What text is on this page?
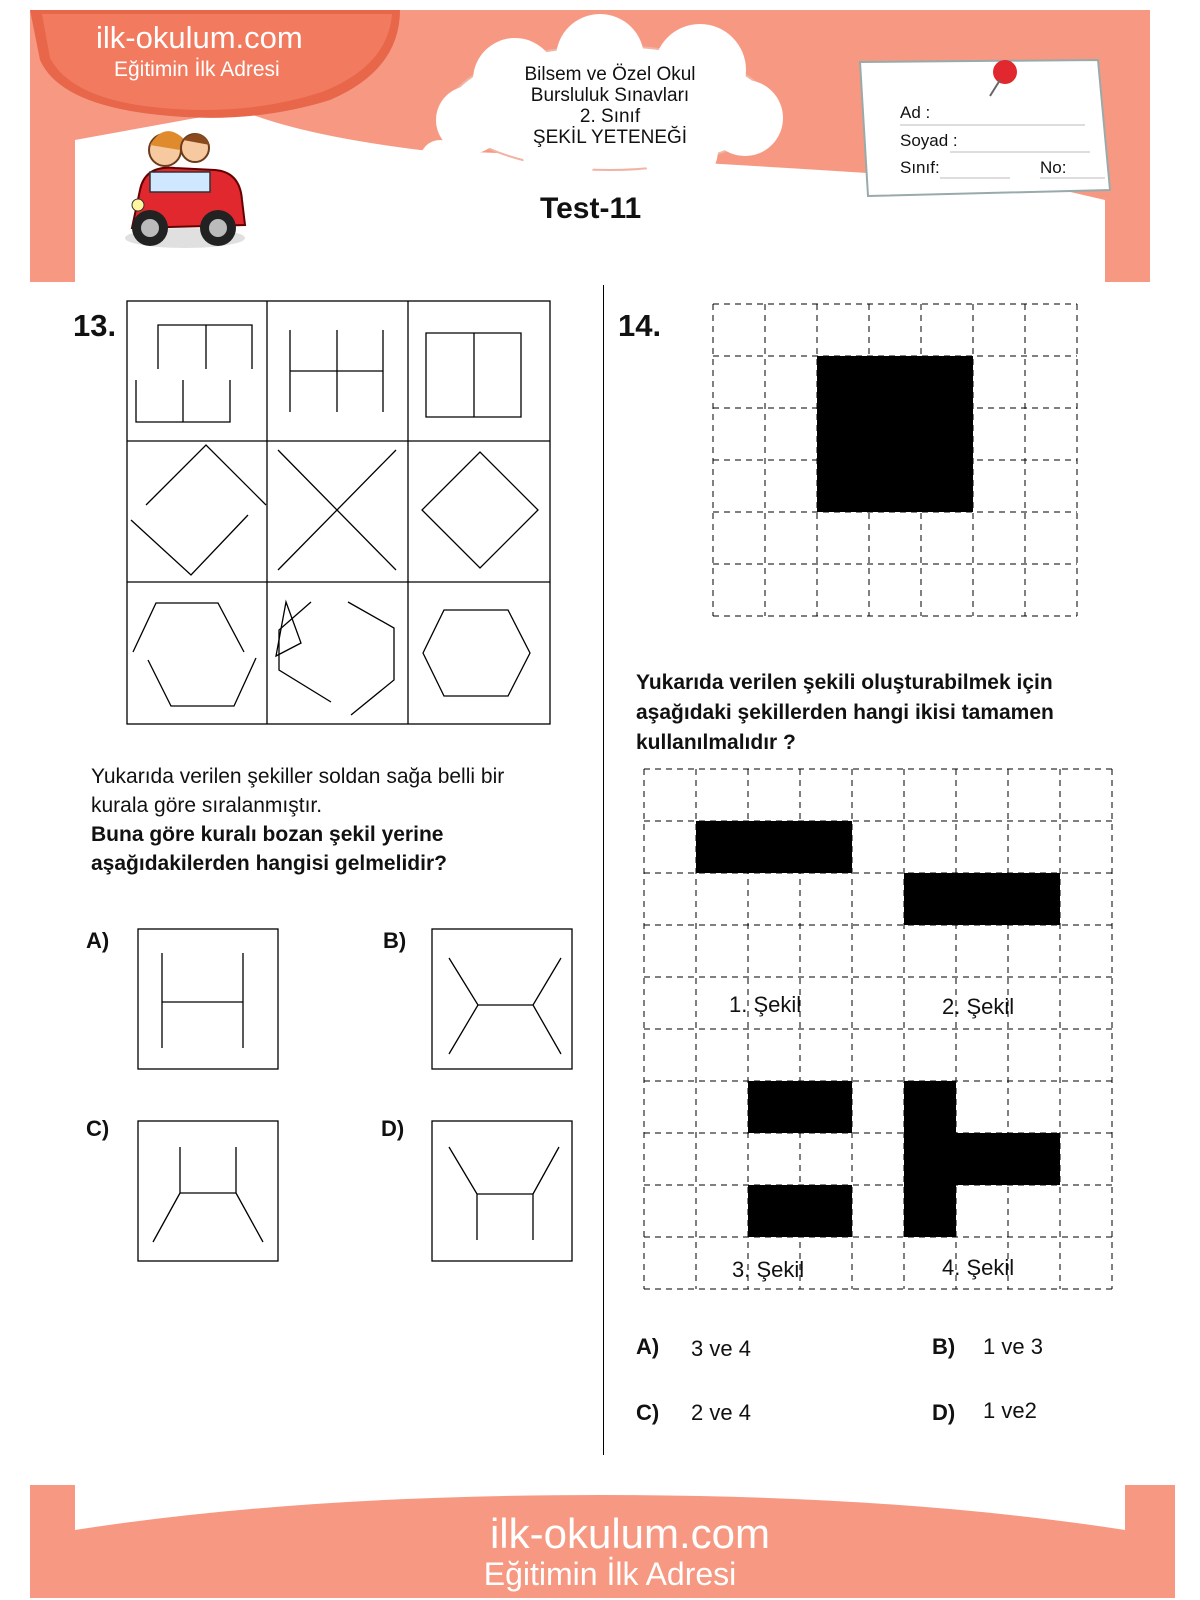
ilk-okulum.com
Eğitimin İlk Adresi	Bilsem ve Özel Okul
Bursluluk Sınavları
2. Sınıf
ŞEKİL YETENEĞİ
Test-11
Ad :
Soyad :
Sınıf:	No:
13.
Yukarıda verilen şekiller soldan sağa belli bir
kurala göre sıralanmıştır.
Buna göre kuralı bozan şekil yerine
aşağıdakilerden hangisi gelmelidir?
A)	B)
C)	D)
14.
Yukarıda verilen şekili oluşturabilmek için
aşağıdaki şekillerden hangi ikisi tamamen
kullanılmalıdır ?
1. Şekil	2. Şekil
3. Şekil	4. Şekil
A) 3 ve 4	B) 1 ve 3
C) 2 ve 4	D) 1 ve2
ilk-okulum.com
Eğitimin İlk Adresi
